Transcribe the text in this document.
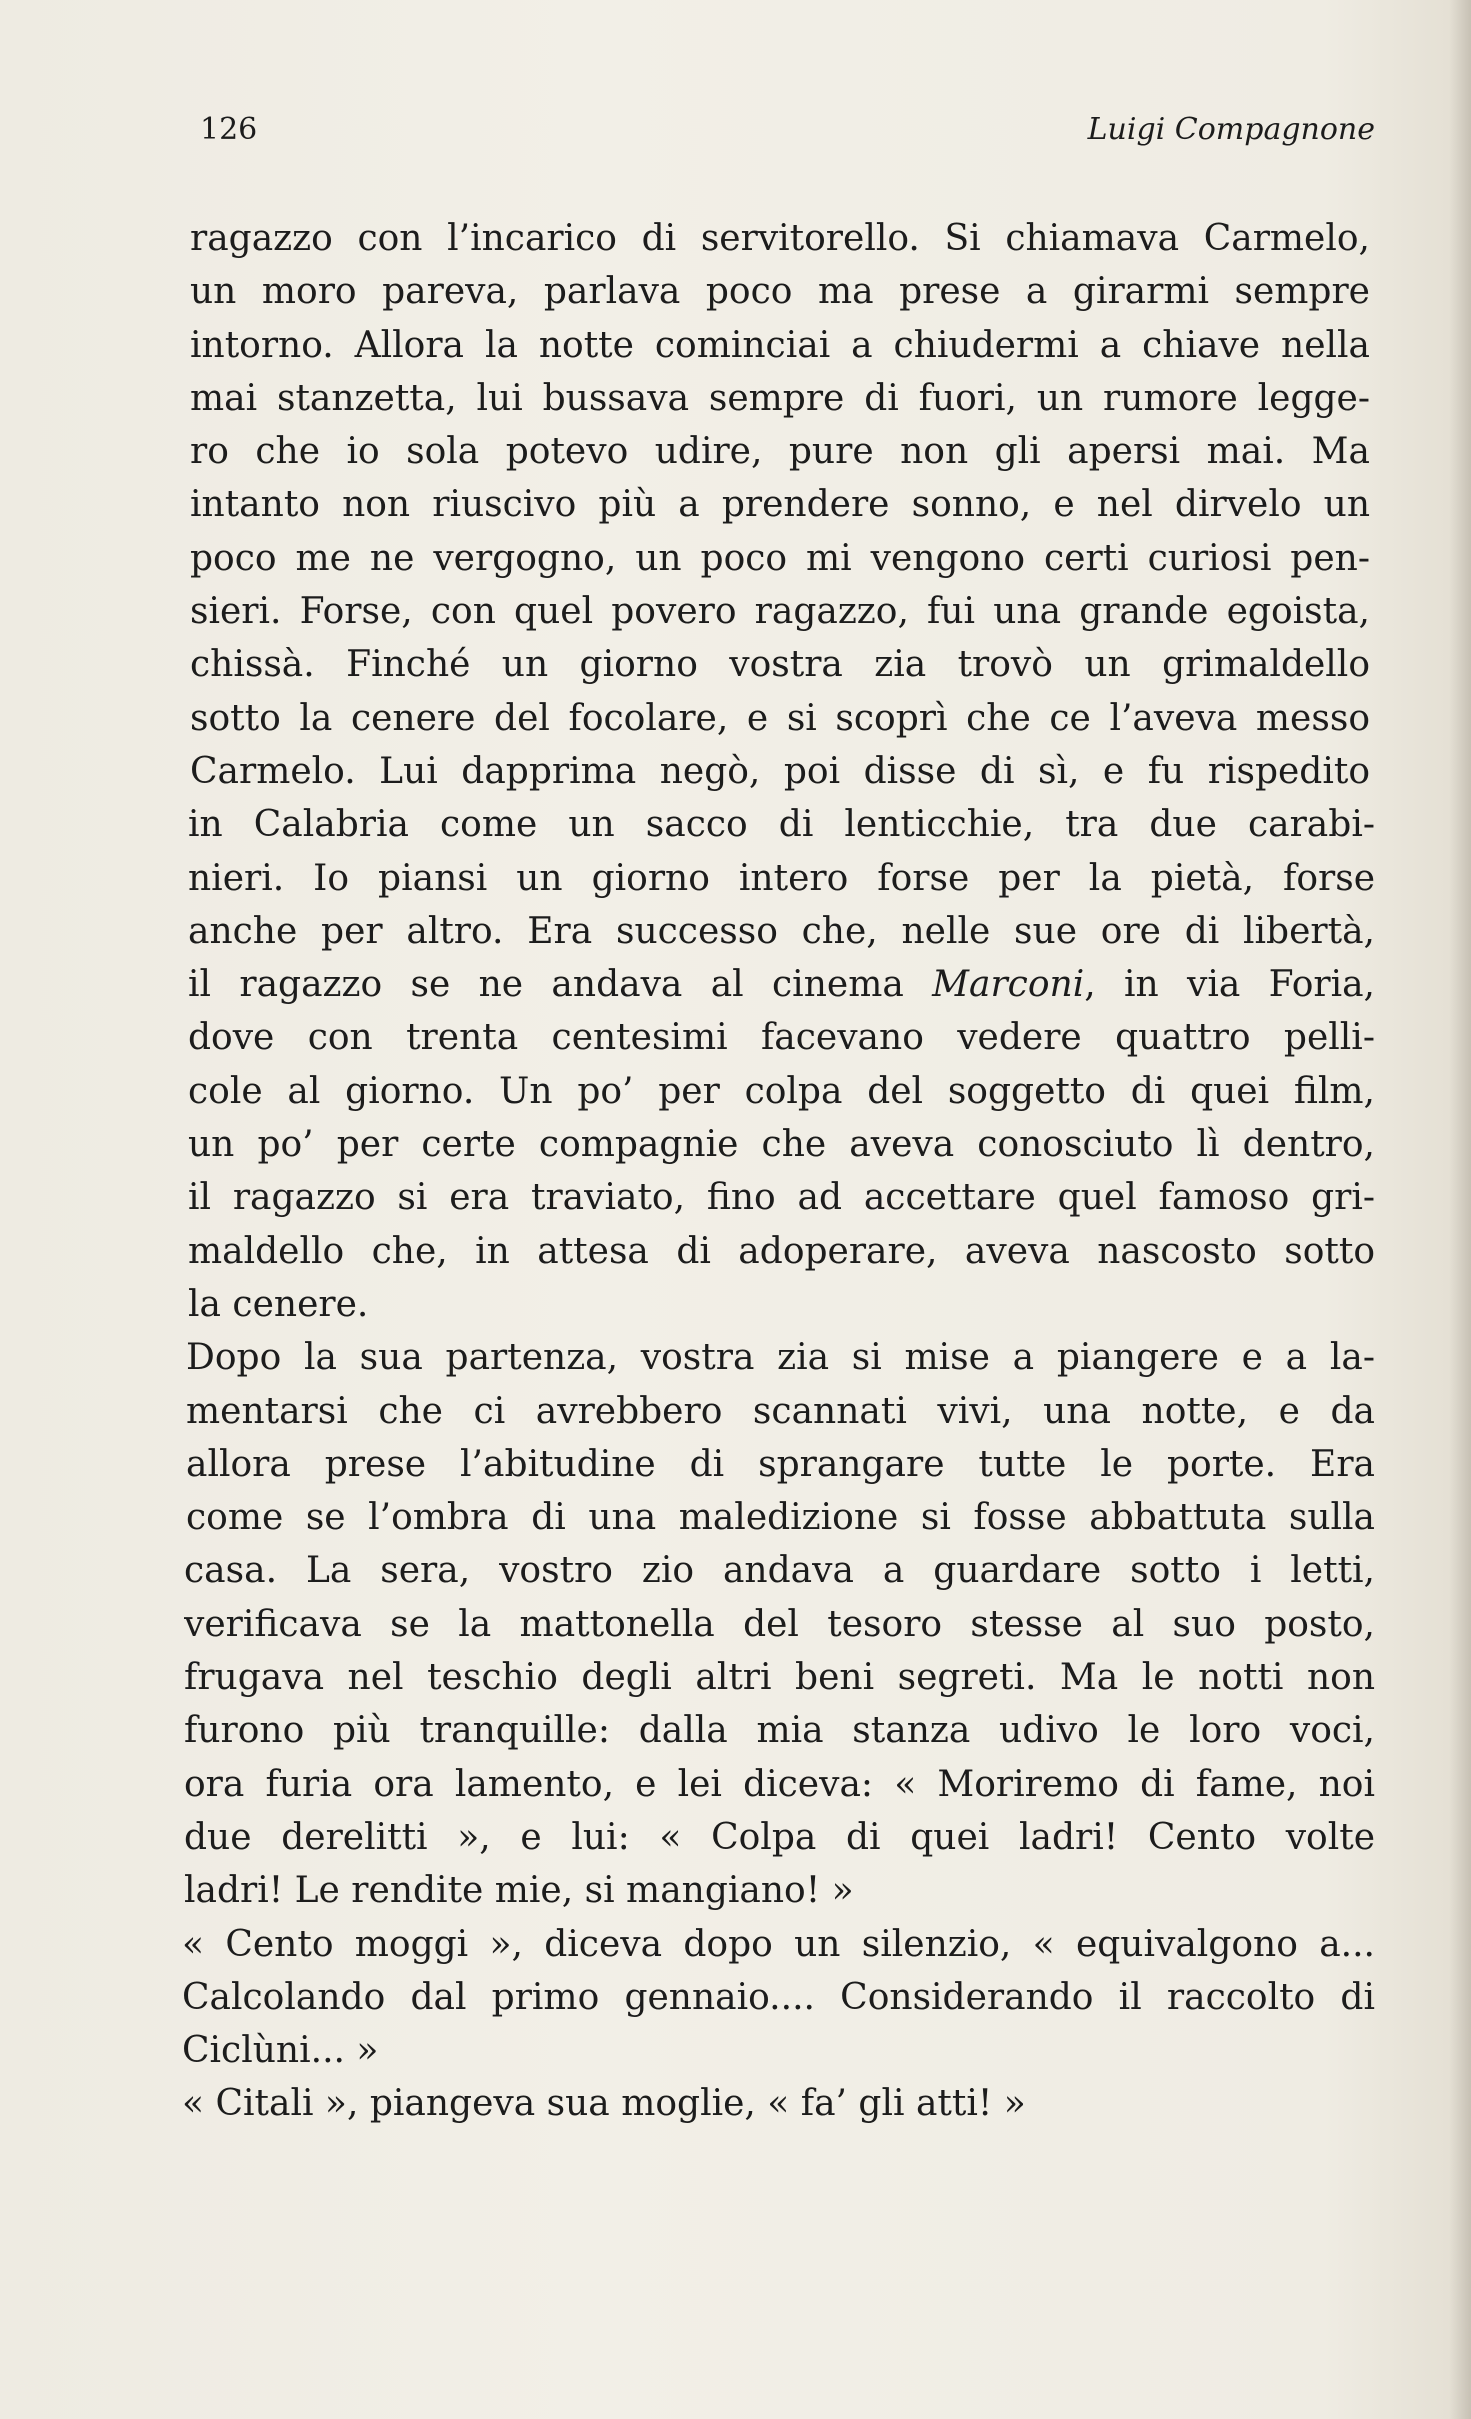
126	Luigi Compagnone
ragazzo con l’incarico di servitorello. Si chiamava Carmelo,
un moro pareva, parlava poco ma prese a girarmi sempre
intorno. Allora la notte cominciai a chiudermi a chiave nella
mai stanzetta, lui bussava sempre di fuori, un rumore legge-
ro che io sola potevo udire, pure non gli apersi mai. Ma
intanto non riuscivo più a prendere sonno, e nel dirvelo un
poco me ne vergogno, un poco mi vengono certi curiosi pen-
sieri. Forse, con quel povero ragazzo, fui una grande egoista,
chissà. Finché un giorno vostra zia trovò un grimaldello
sotto la cenere del focolare, e si scoprì che ce l’aveva messo
Carmelo. Lui dapprima negò, poi disse di sì, e fu rispedito
in Calabria come un sacco di lenticchie, tra due carabi-
nieri. Io piansi un giorno intero forse per la pietà, forse
anche per altro. Era successo che, nelle sue ore di libertà,
il ragazzo se ne andava al cinema Marconi, in via Foria,
dove con trenta centesimi facevano vedere quattro pelli-
cole al giorno. Un po’ per colpa del soggetto di quei film,
un po’ per certe compagnie che aveva conosciuto lì dentro,
il ragazzo si era traviato, fino ad accettare quel famoso gri-
maldello che, in attesa di adoperare, aveva nascosto sotto
la cenere.
Dopo la sua partenza, vostra zia si mise a piangere e a la-
mentarsi che ci avrebbero scannati vivi, una notte, e da
allora prese l’abitudine di sprangare tutte le porte. Era
come se l’ombra di una maledizione si fosse abbattuta sulla
casa. La sera, vostro zio andava a guardare sotto i letti,
verificava se la mattonella del tesoro stesse al suo posto,
frugava nel teschio degli altri beni segreti. Ma le notti non
furono più tranquille: dalla mia stanza udivo le loro voci,
ora furia ora lamento, e lei diceva: « Moriremo di fame, noi
due derelitti », e lui: « Colpa di quei ladri! Cento volte
ladri! Le rendite mie, si mangiano! »
« Cento moggi », diceva dopo un silenzio, « equivalgono a...
Calcolando dal primo gennaio.... Considerando il raccolto di
Ciclùni... »
« Citali », piangeva sua moglie, « fa’ gli atti! »
